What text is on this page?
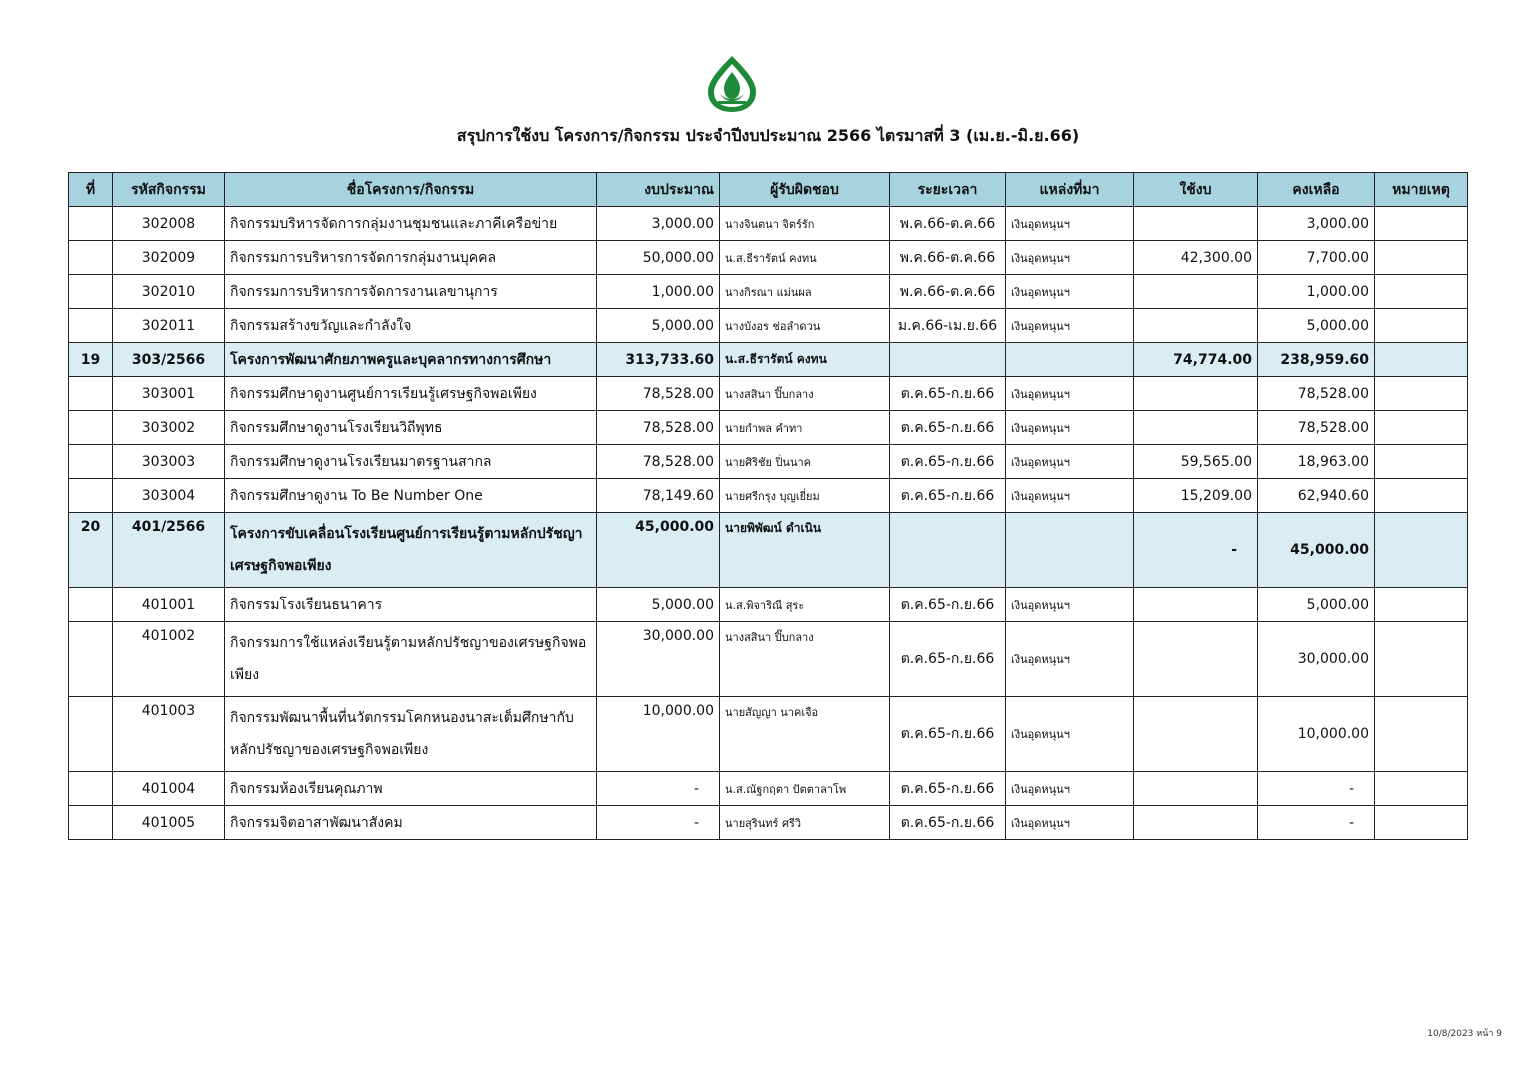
สรุปการใช้งบ โครงการ/กิจกรรม ประจำปีงบประมาณ 2566 ไตรมาสที่ 3 (เม.ย.-มิ.ย.66)
ที่	รหัสกิจกรรม	ชื่อโครงการ/กิจกรรม	งบประมาณ	ผู้รับผิดชอบ	ระยะเวลา	แหล่งที่มา	ใช้งบ	คงเหลือ	หมายเหตุ
	302008	กิจกรรมบริหารจัดการกลุ่มงานชุมชนและภาคีเครือข่าย	3,000.00	นางจินตนา จิตร์รัก	พ.ค.66-ต.ค.66	เงินอุดหนุนฯ		3,000.00	
	302009	กิจกรรมการบริหารการจัดการกลุ่มงานบุคคล	50,000.00	น.ส.ธีรารัตน์ คงทน	พ.ค.66-ต.ค.66	เงินอุดหนุนฯ	42,300.00	7,700.00	
	302010	กิจกรรมการบริหารการจัดการงานเลขานุการ	1,000.00	นางกิรณา แม่นผล	พ.ค.66-ต.ค.66	เงินอุดหนุนฯ		1,000.00	
	302011	กิจกรรมสร้างขวัญและกำลังใจ	5,000.00	นางบังอร ช่อลำดวน	ม.ค.66-เม.ย.66	เงินอุดหนุนฯ		5,000.00	
19	303/2566	โครงการพัฒนาศักยภาพครูและบุคลากรทางการศึกษา	313,733.60	น.ส.ธีรารัตน์ คงทน			74,774.00	238,959.60	
	303001	กิจกรรมศึกษาดูงานศูนย์การเรียนรู้เศรษฐกิจพอเพียง	78,528.00	นางสสินา ปิ๊บกลาง	ต.ค.65-ก.ย.66	เงินอุดหนุนฯ		78,528.00	
	303002	กิจกรรมศึกษาดูงานโรงเรียนวิถีพุทธ	78,528.00	นายกำพล คำทา	ต.ค.65-ก.ย.66	เงินอุดหนุนฯ		78,528.00	
	303003	กิจกรรมศึกษาดูงานโรงเรียนมาตรฐานสากล	78,528.00	นายศิริชัย ปิ่นนาค	ต.ค.65-ก.ย.66	เงินอุดหนุนฯ	59,565.00	18,963.00	
	303004	กิจกรรมศึกษาดูงาน To Be Number One	78,149.60	นายศรีกรุง บุญเยี่ยม	ต.ค.65-ก.ย.66	เงินอุดหนุนฯ	15,209.00	62,940.60	
20	401/2566	โครงการขับเคลื่อนโรงเรียนศูนย์การเรียนรู้ตามหลักปรัชญาเศรษฐกิจพอเพียง	45,000.00	นายพิพัฒน์ ดำเนิน			-	45,000.00	
	401001	กิจกรรมโรงเรียนธนาคาร	5,000.00	น.ส.พิจาริณี สุระ	ต.ค.65-ก.ย.66	เงินอุดหนุนฯ		5,000.00	
	401002	กิจกรรมการใช้แหล่งเรียนรู้ตามหลักปรัชญาของเศรษฐกิจพอเพียง	30,000.00	นางสสินา ปิ๊บกลาง	ต.ค.65-ก.ย.66	เงินอุดหนุนฯ		30,000.00	
	401003	กิจกรรมพัฒนาพื้นที่นวัตกรรมโคกหนองนาสะเต็มศึกษากับหลักปรัชญาของเศรษฐกิจพอเพียง	10,000.00	นายสัญญา นาคเจือ	ต.ค.65-ก.ย.66	เงินอุดหนุนฯ		10,000.00	
	401004	กิจกรรมห้องเรียนคุณภาพ	-	น.ส.ณัฐกฤตา ปัตตาลาโพ	ต.ค.65-ก.ย.66	เงินอุดหนุนฯ		-	
	401005	กิจกรรมจิตอาสาพัฒนาสังคม	-	นายสุรินทร์ ศรีวิ	ต.ค.65-ก.ย.66	เงินอุดหนุนฯ		-	
10/8/2023 หน้า 9
